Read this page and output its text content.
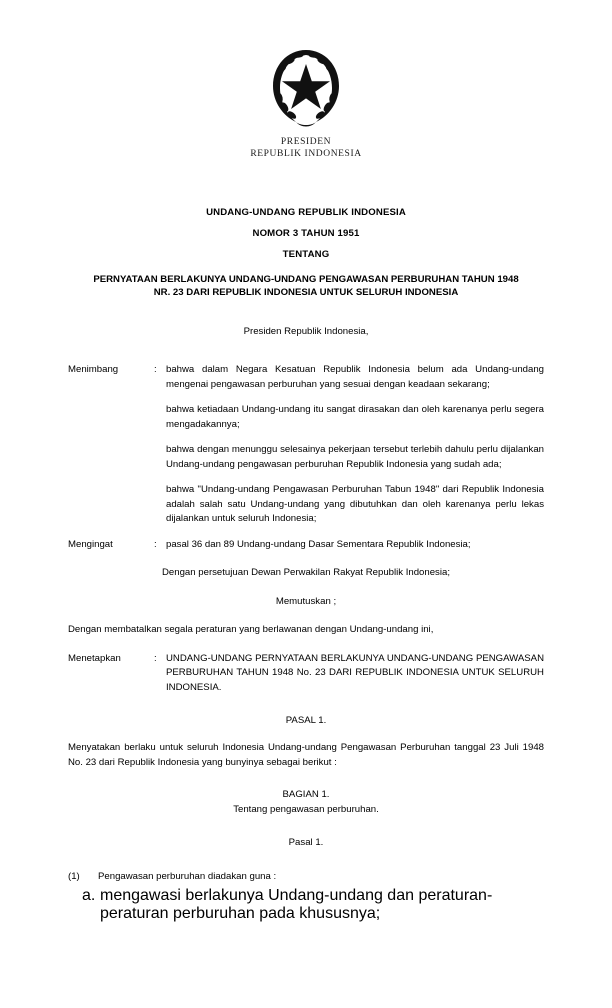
PRESIDEN
REPUBLIK INDONESIA
UNDANG-UNDANG REPUBLIK INDONESIA
NOMOR 3 TAHUN 1951
TENTANG
PERNYATAAN BERLAKUNYA UNDANG-UNDANG PENGAWASAN PERBURUHAN TAHUN 1948
NR. 23 DARI REPUBLIK INDONESIA UNTUK SELURUH INDONESIA
Presiden Republik Indonesia,
Menimbang	: bahwa dalam Negara Kesatuan Republik Indonesia belum ada Undang-undang mengenai pengawasan perburuhan yang sesuai dengan keadaan sekarang;

bahwa ketiadaan Undang-undang itu sangat dirasakan dan oleh karenanya perlu segera mengadakannya;

bahwa dengan menunggu selesainya pekerjaan tersebut terlebih dahulu perlu dijalankan Undang-undang pengawasan perburuhan Republik Indonesia yang sudah ada;

bahwa "Undang-undang Pengawasan Perburuhan Tabun 1948" dari Republik Indonesia adalah salah satu Undang-undang yang dibutuhkan dan oleh karenanya perlu lekas dijalankan untuk seluruh Indonesia;

Mengingat	: pasal 36 dan 89 Undang-undang Dasar Sementara Republik Indonesia;

Dengan persetujuan Dewan Perwakilan Rakyat Republik Indonesia;
Memutuskan ;
Dengan membatalkan segala peraturan yang berlawanan dengan Undang-undang ini,
Menetapkan	: UNDANG-UNDANG PERNYATAAN BERLAKUNYA UNDANG-UNDANG PENGAWASAN PERBURUHAN TAHUN 1948 No. 23 DARI REPUBLIK INDONESIA UNTUK SELURUH INDONESIA.
PASAL 1.
Menyatakan berlaku untuk seluruh Indonesia Undang-undang Pengawasan Perburuhan tanggal 23 Juli 1948 No. 23 dari Republik Indonesia yang bunyinya sebagai berikut :
BAGIAN 1.
Tentang pengawasan perburuhan.
Pasal 1.
(1)	Pengawasan perburuhan diadakan guna :
a. mengawasi berlakunya Undang-undang dan peraturan-peraturan perburuhan pada khususnya;
